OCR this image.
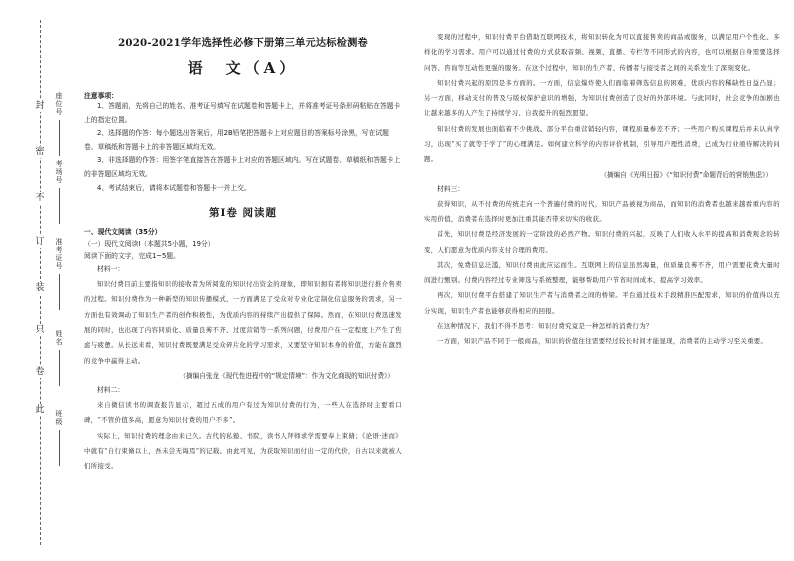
封
密
不
订
装
只
卷
此
座位号
考场号
准考证号
姓名
班级
2020-2021学年选择性必修下册第三单元达标检测卷
语　文（A）
注意事项：
1、答题前，先将自己的姓名、准考证号填写在试题卷和答题卡上，并将准考证号条形码粘贴在答题卡上的指定位置。
2、选择题的作答：每小题选出答案后，用2B铅笔把答题卡上对应题目的答案标号涂黑，写在试题卷、草稿纸和答题卡上的非答题区域均无效。
3、非选择题的作答：用签字笔直接答在答题卡上对应的答题区域内。写在试题卷、草稿纸和答题卡上的非答题区域均无效。
4、考试结束后，请将本试题卷和答题卡一并上交。
第Ⅰ卷 阅读题
一、现代文阅读（35分）
（一）现代文阅读Ⅰ（本题共5小题，19分）
阅读下面的文字，完成1~5题。
材料一：
知识付费目前主要指知识的接收者为所阅览的知识付出资金的现象，即知识拥有者将知识进行推介售卖的过程。知识付费作为一种新型的知识传播模式，一方面满足了受众对专业化定制化信息服务的需求，另一方面也有效调动了知识生产者的创作积极性，为优质内容的持续产出提供了保障。然而，在知识付费迅速发展的同时，也出现了内容同质化、质量良莠不齐、过度营销等一系列问题，付费用户在一定程度上产生了焦虑与疲惫。从长远来看，知识付费既要满足受众碎片化的学习需求，又要坚守知识本身的价值，方能在激烈的竞争中赢得主动。
（摘编自张龙《现代性进程中的“规定情境”：作为文化商现的知识付费》）
材料二：
来自微信读书的调查报告显示，超过五成的用户有过为知识付费的行为，一些人在选择时主要看口碑，“不管价值多高，愿意为知识付费的用户不多”。
实际上，知识付费的理念由来已久。古代的私塾、书院，读书人拜师求学需要奉上束脩；《论语·述而》中就有“自行束脩以上，吾未尝无诲焉”的记载。由此可见，为获取知识而付出一定的代价，自古以来就被人们所接受。
变现的过程中，知识付费平台借助互联网技术，将知识转化为可以直接售卖的商品或服务，以满足用户个性化、多样化的学习需求。用户可以通过付费的方式获取音频、视频、直播、专栏等不同形式的内容，也可以根据自身需要选择问答、咨询等互动性更强的服务。在这个过程中，知识的生产者、传播者与接受者之间的关系发生了深刻变化。
知识付费兴起的原因是多方面的。一方面，信息爆炸使人们面临着筛选信息的困难，优质内容的稀缺性日益凸显；另一方面，移动支付的普及与版权保护意识的增强，为知识付费创造了良好的外部环境。与此同时，社会竞争的加剧也让越来越多的人产生了持续学习、自我提升的强烈愿望。
知识付费的发展也面临着不少挑战。部分平台重营销轻内容，课程质量参差不齐；一些用户购买课程后并未认真学习，出现“买了就等于学了”的心理满足。如何建立科学的内容评价机制，引导用户理性消费，已成为行业亟待解决的问题。
（摘编自《光明日报》《“知识付费”命题背后的营销焦虑》）
材料三：
获得知识，从不付费的传统走向一个普遍付费的时代，知识产品被视为商品，而知识的消费者也越来越看重内容的实用价值，消费者在选择时更加注重其能否带来切实的收获。
首先，知识付费是经济发展的一定阶段的必然产物。知识付费的兴起，反映了人们收入水平的提高和消费观念的转变，人们愿意为优质内容支付合理的费用。
其次，免费信息泛滥，知识付费由此应运而生。互联网上的信息虽然海量，但质量良莠不齐，用户需要花费大量时间进行甄别。付费内容经过专业筛选与系统整理，能够帮助用户节省时间成本，提高学习效率。
再次，知识付费平台搭建了知识生产者与消费者之间的桥梁。平台通过技术手段精准匹配需求，知识的价值得以充分实现，知识生产者也能够获得相应的回报。
在这种情况下，我们不得不思考：知识付费究竟是一种怎样的消费行为？
一方面，知识产品不同于一般商品，知识的价值往往需要经过较长时间才能显现，消费者的主动学习至关重要。
